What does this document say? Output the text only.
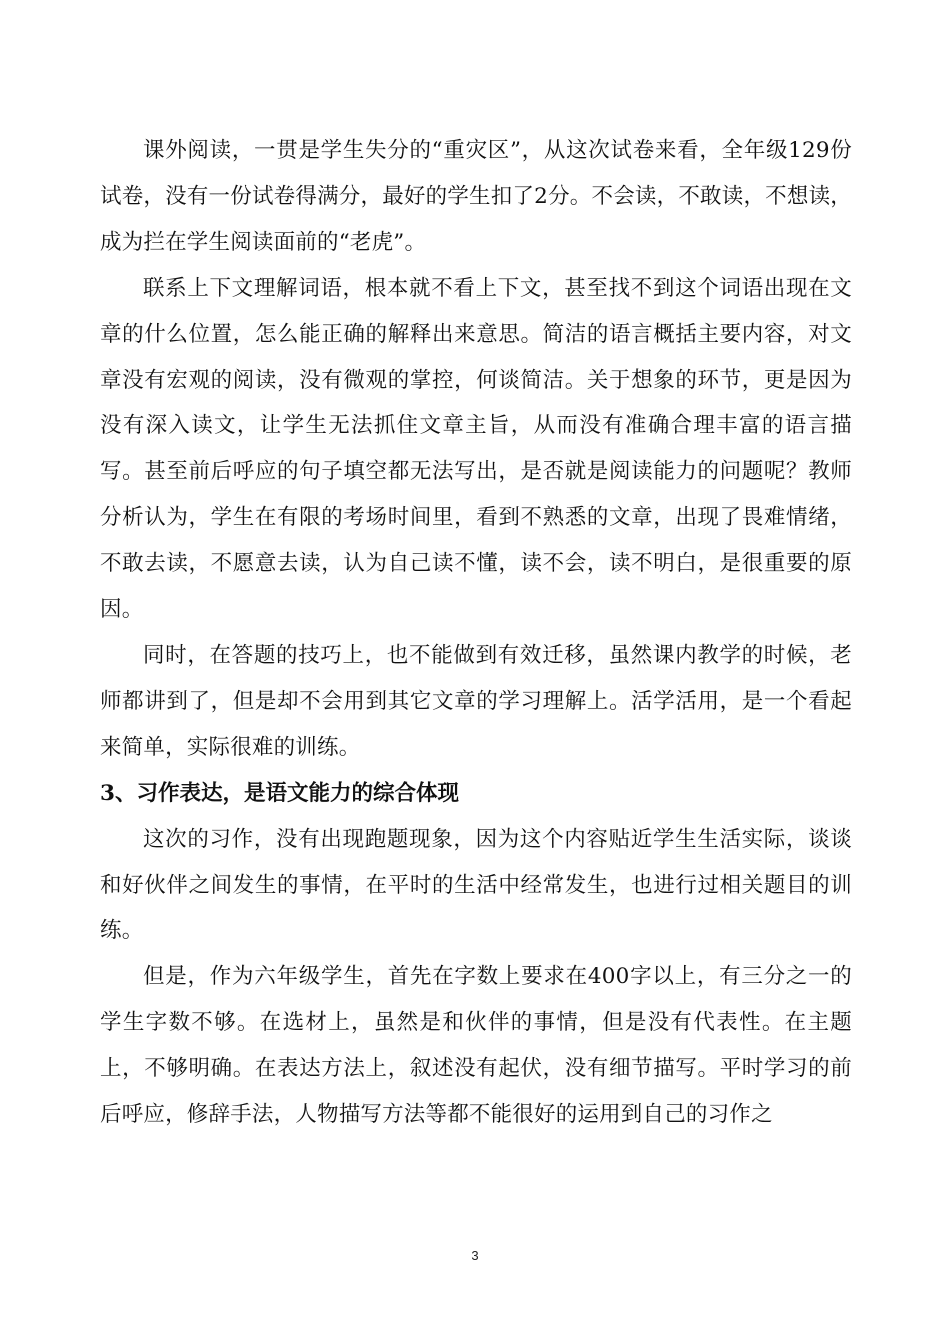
课外阅读，一贯是学生失分的“重灾区”，从这次试卷来看，全年级129份试卷，没有一份试卷得满分，最好的学生扣了2分。不会读，不敢读，不想读，成为拦在学生阅读面前的“老虎”。

联系上下文理解词语，根本就不看上下文，甚至找不到这个词语出现在文章的什么位置，怎么能正确的解释出来意思。简洁的语言概括主要内容，对文章没有宏观的阅读，没有微观的掌控，何谈简洁。关于想象的环节，更是因为没有深入读文，让学生无法抓住文章主旨，从而没有准确合理丰富的语言描写。甚至前后呼应的句子填空都无法写出，是否就是阅读能力的问题呢？教师分析认为，学生在有限的考场时间里，看到不熟悉的文章，出现了畏难情绪，不敢去读，不愿意去读，认为自己读不懂，读不会，读不明白，是很重要的原因。

同时，在答题的技巧上，也不能做到有效迁移，虽然课内教学的时候，老师都讲到了，但是却不会用到其它文章的学习理解上。活学活用，是一个看起来简单，实际很难的训练。

3、习作表达，是语文能力的综合体现

这次的习作，没有出现跑题现象，因为这个内容贴近学生生活实际，谈谈和好伙伴之间发生的事情，在平时的生活中经常发生，也进行过相关题目的训练。

但是，作为六年级学生，首先在字数上要求在400字以上，有三分之一的学生字数不够。在选材上，虽然是和伙伴的事情，但是没有代表性。在主题上，不够明确。在表达方法上，叙述没有起伏，没有细节描写。平时学习的前后呼应，修辞手法，人物描写方法等都不能很好的运用到自己的习作之

3
